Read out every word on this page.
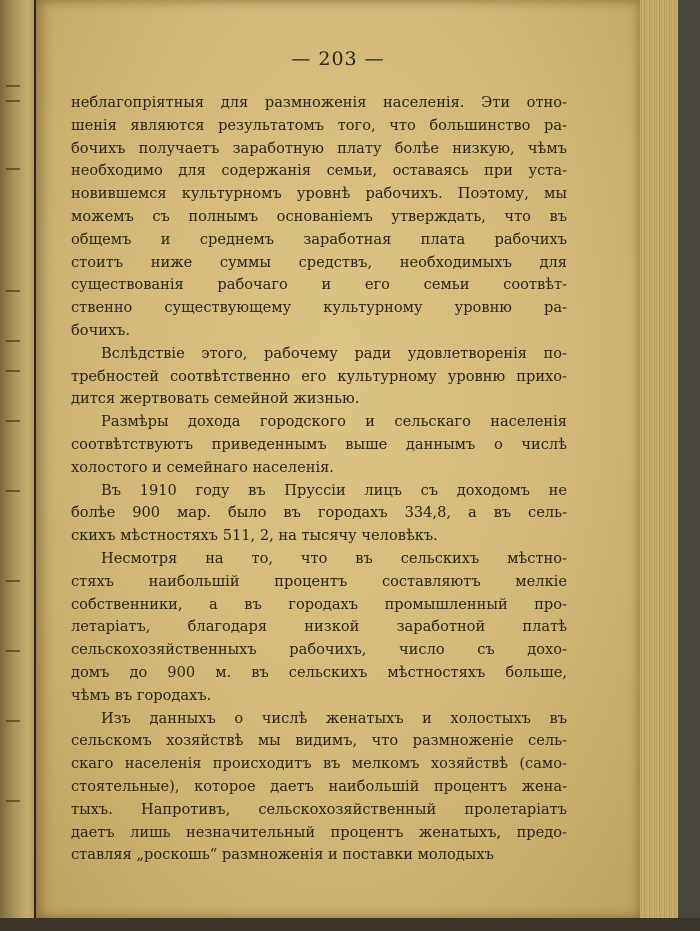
— 203 —
неблагопріятныя для размноженія населенія. Эти отно-
шенія являются результатомъ того, что большинство ра-
бочихъ получаетъ заработную плату болѣе низкую, чѣмъ
необходимо для содержанія семьи, оставаясь при уста-
новившемся культурномъ уровнѣ рабочихъ. Поэтому, мы
можемъ съ полнымъ основаніемъ утверждать, что въ
общемъ и среднемъ заработная плата рабочихъ
стоитъ ниже суммы средствъ, необходимыхъ для
существованія рабочаго и его семьи соотвѣт-
ственно существующему культурному уровню ра-
бочихъ.
Вслѣдствіе этого, рабочему ради удовлетворенія по-
требностей соотвѣтственно его культурному уровню прихо-
дится жертвовать семейной жизнью.
Размѣры дохода городского и сельскаго населенія
соотвѣтствуютъ приведеннымъ выше даннымъ о числѣ
холостого и семейнаго населенія.
Въ 1910 году въ Пруссіи лицъ съ доходомъ не
болѣе 900 мар. было въ городахъ 334,8, а въ сель-
скихъ мѣстностяхъ 511, 2, на тысячу человѣкъ.
Несмотря на то, что въ сельскихъ мѣстно-
стяхъ наибольшій процентъ составляютъ мелкіе
собственники, а въ городахъ промышленный про-
летаріатъ, благодаря низкой заработной платѣ
сельскохозяйственныхъ рабочихъ, число съ дохо-
домъ до 900 м. въ сельскихъ мѣстностяхъ больше,
чѣмъ въ городахъ.
Изъ данныхъ о числѣ женатыхъ и холостыхъ въ
сельскомъ хозяйствѣ мы видимъ, что размноженіе сель-
скаго населенія происходитъ въ мелкомъ хозяйствѣ (само-
стоятельные), которое даетъ наибольшій процентъ жена-
тыхъ. Напротивъ, сельскохозяйственный пролетаріатъ
даетъ лишь незначительный процентъ женатыхъ, предо-
ставляя „роскошь“ размноженія и поставки молодыхъ
